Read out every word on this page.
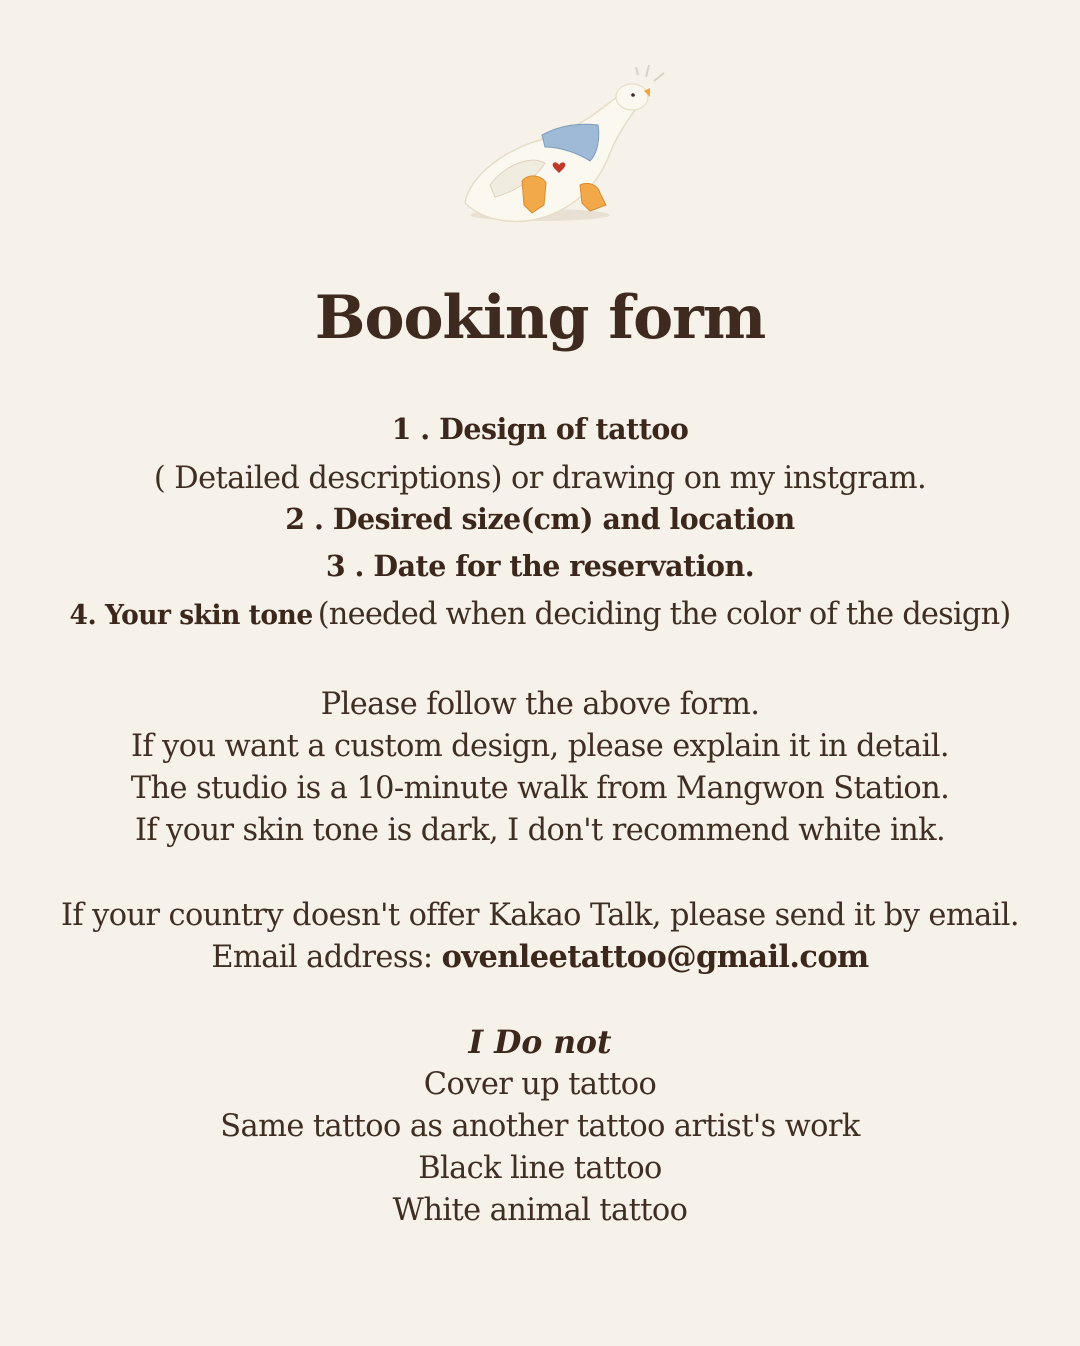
Booking form
1 . Design of tattoo
( Detailed descriptions) or drawing on my instgram.
2 . Desired size(cm) and location
3 . Date for the reservation.
4. Your skin tone (needed when deciding the color of the design)
Please follow the above form.
If you want a custom design, please explain it in detail.
The studio is a 10-minute walk from Mangwon Station.
If your skin tone is dark, I don't recommend white ink.
If your country doesn't offer Kakao Talk, please send it by email.
Email address: ovenleetattoo@gmail.com
I Do not
Cover up tattoo
Same tattoo as another tattoo artist's work
Black line tattoo
White animal tattoo
